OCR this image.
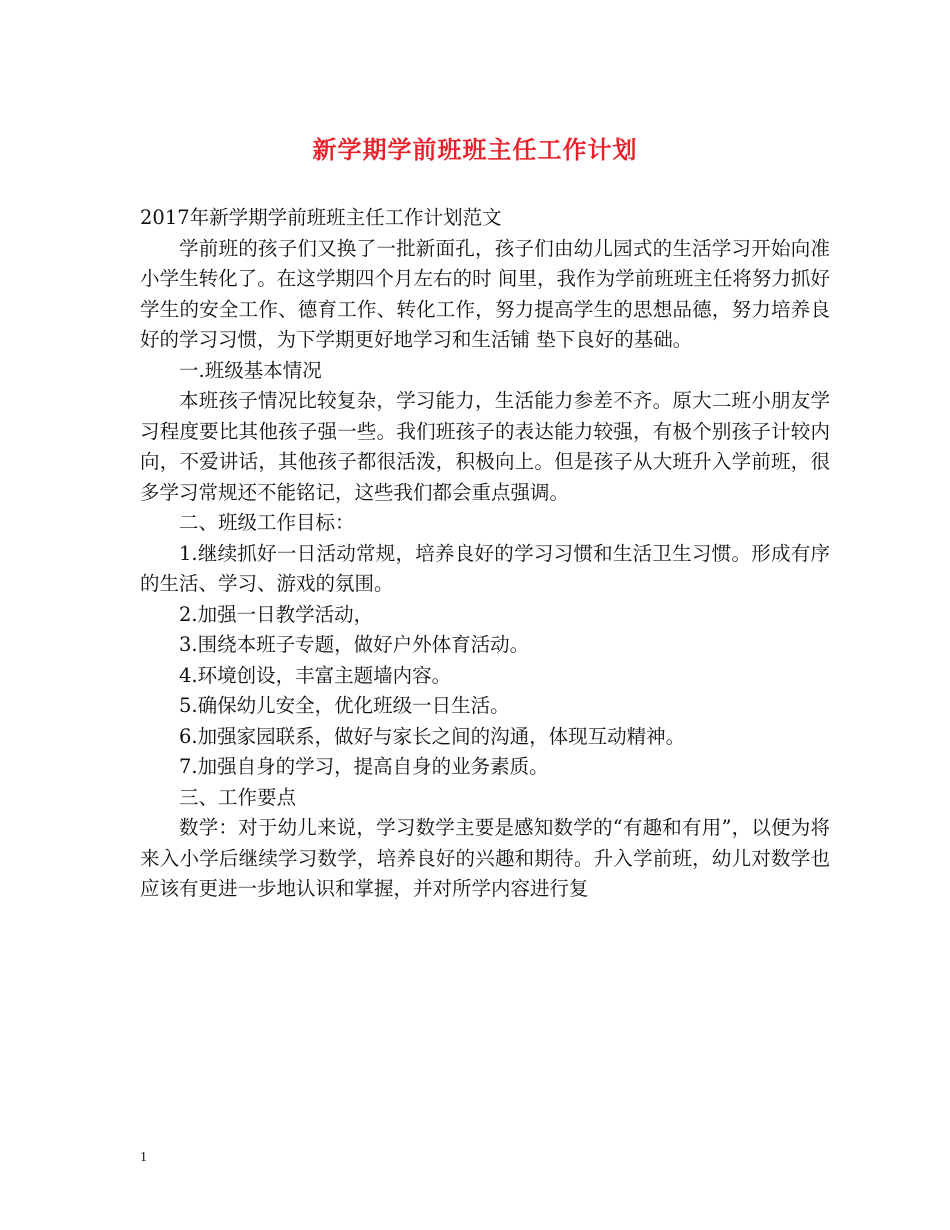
新学期学前班班主任工作计划

2017年新学期学前班班主任工作计划范文

学前班的孩子们又换了一批新面孔，孩子们由幼儿园式的生活学习开始向准小学生转化了。在这学期四个月左右的时 间里，我作为学前班班主任将努力抓好学生的安全工作、德育工作、转化工作，努力提高学生的思想品德，努力培养良好的学习习惯，为下学期更好地学习和生活铺 垫下良好的基础。

一.班级基本情况

本班孩子情况比较复杂，学习能力，生活能力参差不齐。原大二班小朋友学习程度要比其他孩子强一些。我们班孩子的表达能力较强，有极个别孩子计较内向，不爱讲话，其他孩子都很活泼，积极向上。但是孩子从大班升入学前班，很多学习常规还不能铭记，这些我们都会重点强调。

二、班级工作目标：

1.继续抓好一日活动常规，培养良好的学习习惯和生活卫生习惯。形成有序的生活、学习、游戏的氛围。

2.加强一日教学活动，

3.围绕本班子专题，做好户外体育活动。

4.环境创设，丰富主题墙内容。

5.确保幼儿安全，优化班级一日生活。

6.加强家园联系，做好与家长之间的沟通，体现互动精神。

7.加强自身的学习，提高自身的业务素质。

三、工作要点

数学：对于幼儿来说，学习数学主要是感知数学的“有趣和有用”，以便为将来入小学后继续学习数学，培养良好的兴趣和期待。升入学前班，幼儿对数学也应该有更进一步地认识和掌握，并对所学内容进行复

1
